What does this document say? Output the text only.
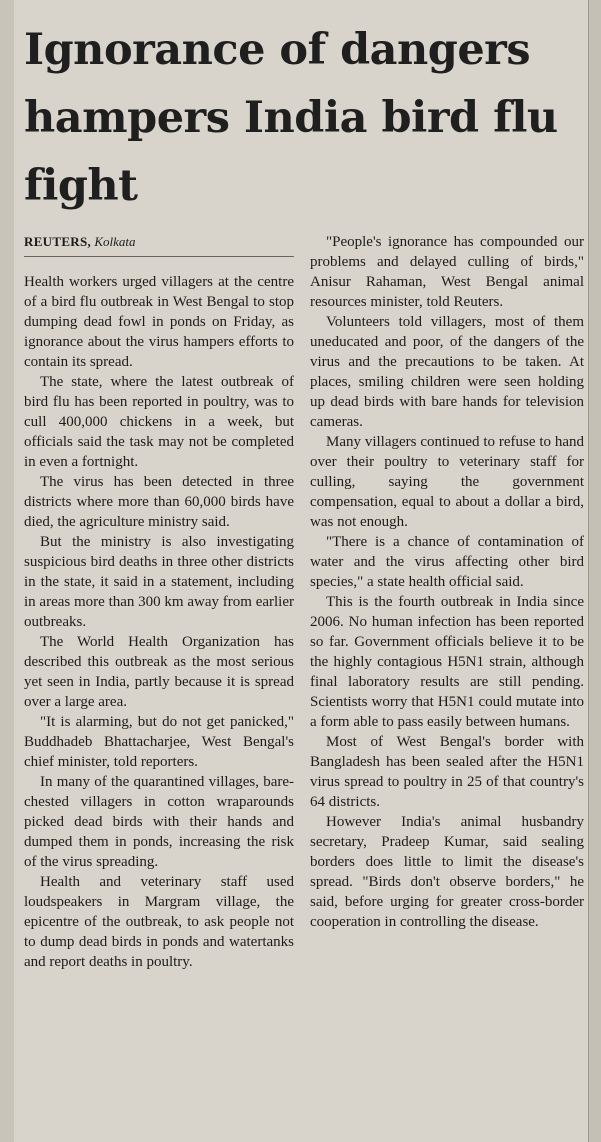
Ignorance of dangers hampers India bird flu fight
REUTERS, Kolkata

Health workers urged villagers at the centre of a bird flu outbreak in West Bengal to stop dumping dead fowl in ponds on Friday, as ignorance about the virus hampers efforts to contain its spread.

The state, where the latest outbreak of bird flu has been reported in poultry, was to cull 400,000 chickens in a week, but officials said the task may not be completed in even a fortnight.

The virus has been detected in three districts where more than 60,000 birds have died, the agriculture ministry said.

But the ministry is also investigating suspicious bird deaths in three other districts in the state, it said in a statement, including in areas more than 300 km away from earlier outbreaks.

The World Health Organization has described this outbreak as the most serious yet seen in India, partly because it is spread over a large area.

"It is alarming, but do not get panicked," Buddhadeb Bhattacharjee, West Bengal's chief minister, told reporters.

In many of the quarantined villages, bare-chested villagers in cotton wraparounds picked dead birds with their hands and dumped them in ponds, increasing the risk of the virus spreading.

Health and veterinary staff used loudspeakers in Margram village, the epicentre of the outbreak, to ask people not to dump dead birds in ponds and watertanks and report deaths in poultry.

"People's ignorance has compounded our problems and delayed culling of birds," Anisur Rahaman, West Bengal animal resources minister, told Reuters.

Volunteers told villagers, most of them uneducated and poor, of the dangers of the virus and the precautions to be taken. At places, smiling children were seen holding up dead birds with bare hands for television cameras.

Many villagers continued to refuse to hand over their poultry to veterinary staff for culling, saying the government compensation, equal to about a dollar a bird, was not enough.

"There is a chance of contamination of water and the virus affecting other bird species," a state health official said.

This is the fourth outbreak in India since 2006. No human infection has been reported so far. Government officials believe it to be the highly contagious H5N1 strain, although final laboratory results are still pending. Scientists worry that H5N1 could mutate into a form able to pass easily between humans.

Most of West Bengal's border with Bangladesh has been sealed after the H5N1 virus spread to poultry in 25 of that country's 64 districts.

However India's animal husbandry secretary, Pradeep Kumar, said sealing borders does little to limit the disease's spread. "Birds don't observe borders," he said, before urging for greater cross-border cooperation in controlling the disease.
